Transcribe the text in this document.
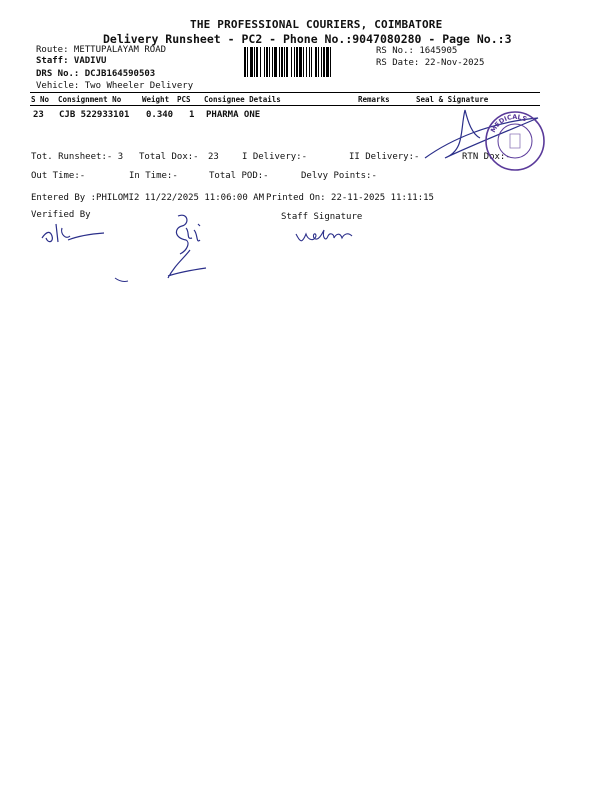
THE PROFESSIONAL COURIERS, COIMBATORE
Delivery Runsheet - PC2 - Phone No.:9047080280 - Page No.:3
Route: METTUPALAYAM ROAD
Staff: VADIVU
DRS No.: DCJB164590503
Vehicle: Two Wheeler Delivery
RS No.: 1645905
RS Date: 22-Nov-2025
S No Consignment No	Weight PCS Consignee Details	Remarks	Seal & Signature
23 CJB 522933101 0.340 1 PHARMA ONE
Tot. Runsheet:- 3 Total Dox:- 23	I Delivery:-	II Delivery:-	RTN Dox:-
Out Time:-	In Time:-	Total POD:-	Delvy Points:-
Entered By :PHILOMI2 11/22/2025 11:06:00 AM Printed On: 22-11-2025 11:11:15
Verified By	Staff Signature
MEDICALS
